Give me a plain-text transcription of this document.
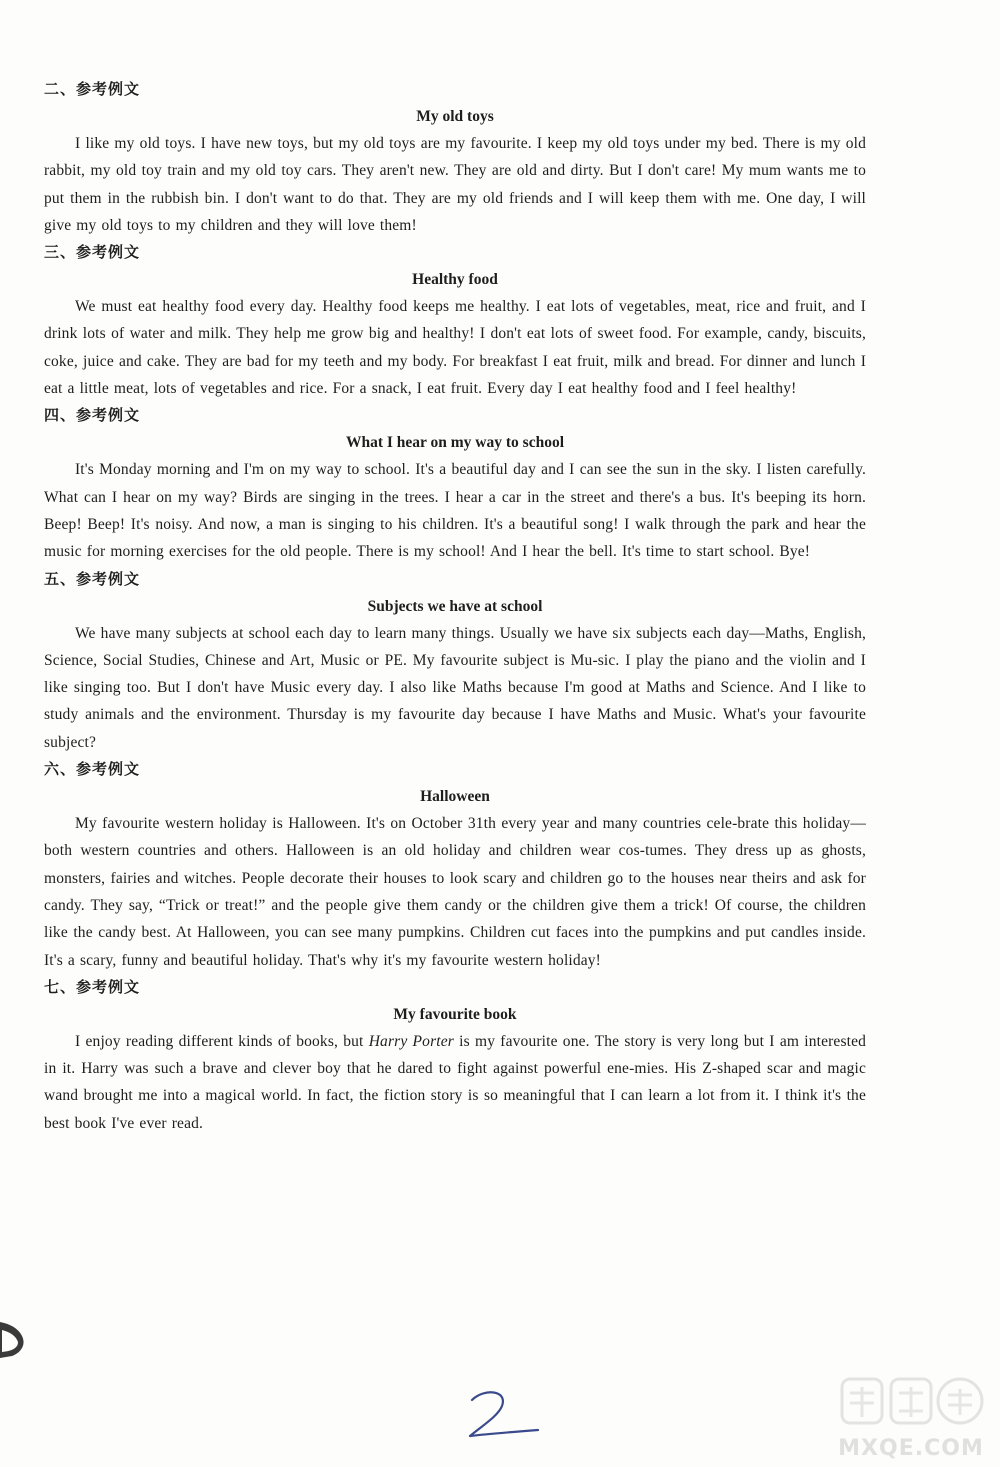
二、参考例文

My old toys

I like my old toys. I have new toys, but my old toys are my favourite. I keep my old toys under my bed. There is my old rabbit, my old toy train and my old toy cars. They aren't new. They are old and dirty. But I don't care! My mum wants me to put them in the rubbish bin. I don't want to do that. They are my old friends and I will keep them with me. One day, I will give my old toys to my children and they will love them!

三、参考例文

Healthy food

We must eat healthy food every day. Healthy food keeps me healthy. I eat lots of vegetables, meat, rice and fruit, and I drink lots of water and milk. They help me grow big and healthy! I don't eat lots of sweet food. For example, candy, biscuits, coke, juice and cake. They are bad for my teeth and my body. For breakfast I eat fruit, milk and bread. For dinner and lunch I eat a little meat, lots of vegetables and rice. For a snack, I eat fruit. Every day I eat healthy food and I feel healthy!

四、参考例文

What I hear on my way to school

It's Monday morning and I'm on my way to school. It's a beautiful day and I can see the sun in the sky. I listen carefully. What can I hear on my way? Birds are singing in the trees. I hear a car in the street and there's a bus. It's beeping its horn. Beep! Beep! It's noisy. And now, a man is singing to his children. It's a beautiful song! I walk through the park and hear the music for morning exercises for the old people. There is my school! And I hear the bell. It's time to start school. Bye!

五、参考例文

Subjects we have at school

We have many subjects at school each day to learn many things. Usually we have six subjects each day—Maths, English, Science, Social Studies, Chinese and Art, Music or PE. My favourite subject is Mu-sic. I play the piano and the violin and I like singing too. But I don't have Music every day. I also like Maths because I'm good at Maths and Science. And I like to study animals and the environment. Thursday is my favourite day because I have Maths and Music. What's your favourite subject?

六、参考例文

Halloween

My favourite western holiday is Halloween. It's on October 31th every year and many countries cele-brate this holiday—both western countries and others. Halloween is an old holiday and children wear cos-tumes. They dress up as ghosts, monsters, fairies and witches. People decorate their houses to look scary and children go to the houses near theirs and ask for candy. They say, “Trick or treat!” and the people give them candy or the children give them a trick! Of course, the children like the candy best. At Halloween, you can see many pumpkins. Children cut faces into the pumpkins and put candles inside. It's a scary, funny and beautiful holiday. That's why it's my favourite western holiday!

七、参考例文

My favourite book

I enjoy reading different kinds of books, but Harry Porter is my favourite one. The story is very long but I am interested in it. Harry was such a brave and clever boy that he dared to fight against powerful ene-mies. His Z-shaped scar and magic wand brought me into a magical world. In fact, the fiction story is so meaningful that I can learn a lot from it. I think it's the best book I've ever read.

MXQE.COM
